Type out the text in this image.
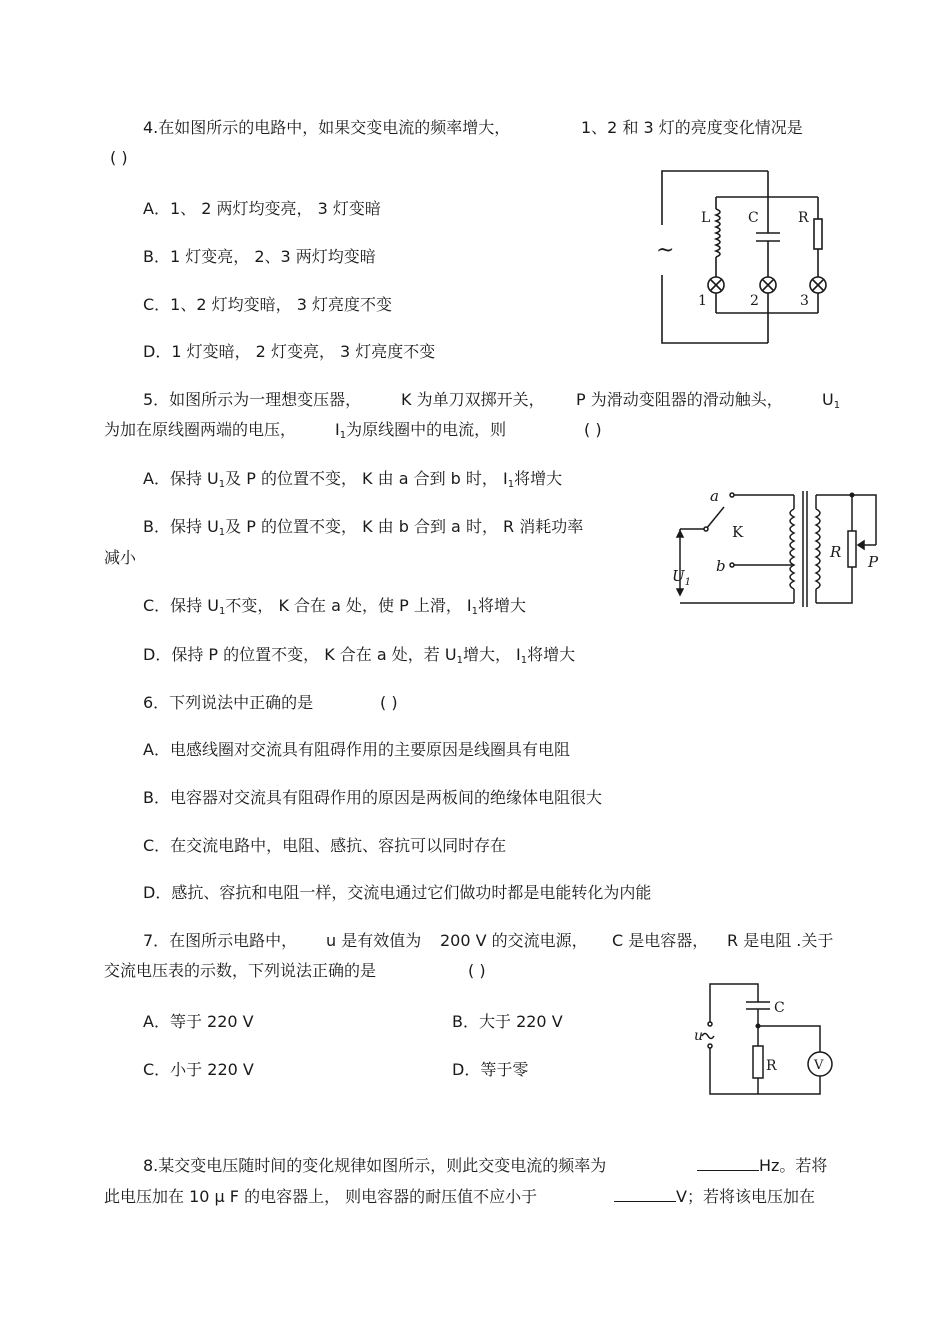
4.在如图所示的电路中，如果交变电流的频率增大，	1、2 和 3 灯的亮度变化情况是
( )
A．1、 2 两灯均变亮， 3 灯变暗
B．1 灯变亮， 2、3 两灯均变暗
C．1、2 灯均变暗， 3 灯亮度不变
D．1 灯变暗， 2 灯变亮， 3 灯亮度不变
~
L	C	R
1	2	3
5．如图所示为一理想变压器， K 为单刀双掷开关， P 为滑动变阻器的滑动触头， $U_1$
为加在原线圈两端的电压， $I_1$为原线圈中的电流，则	( )
A．保持 $U_1$及 P 的位置不变， K 由 a 合到 b 时， $I_1$将增大
B．保持 $U_1$及 P 的位置不变， K 由 b 合到 a 时， R 消耗功率
减小
C．保持 $U_1$不变， K 合在 a 处，使 P 上滑， $I_1$将增大
D．保持 P 的位置不变， K 合在 a 处，若 $U_1$增大， $I_1$将增大
a
K
b
R
P
$U_1$
6．下列说法中正确的是	( )
A．电感线圈对交流具有阻碍作用的主要原因是线圈具有电阻
B．电容器对交流具有阻碍作用的原因是两板间的绝缘体电阻很大
C．在交流电路中，电阻、感抗、容抗可以同时存在
D．感抗、容抗和电阻一样，交流电通过它们做功时都是电能转化为内能
7．在图所示电路中， u 是有效值为 200 V 的交流电源， C 是电容器， R 是电阻 .关于
交流电压表的示数，下列说法正确的是	( )
A．等于 220 V	B．大于 220 V
C．小于 220 V	D．等于零
C
R	V
u
8.某交变电压随时间的变化规律如图所示，则此交变电流的频率为	Hz。若将
此电压加在 10 μ F 的电容器上， 则电容器的耐压值不应小于	V；若将该电压加在
